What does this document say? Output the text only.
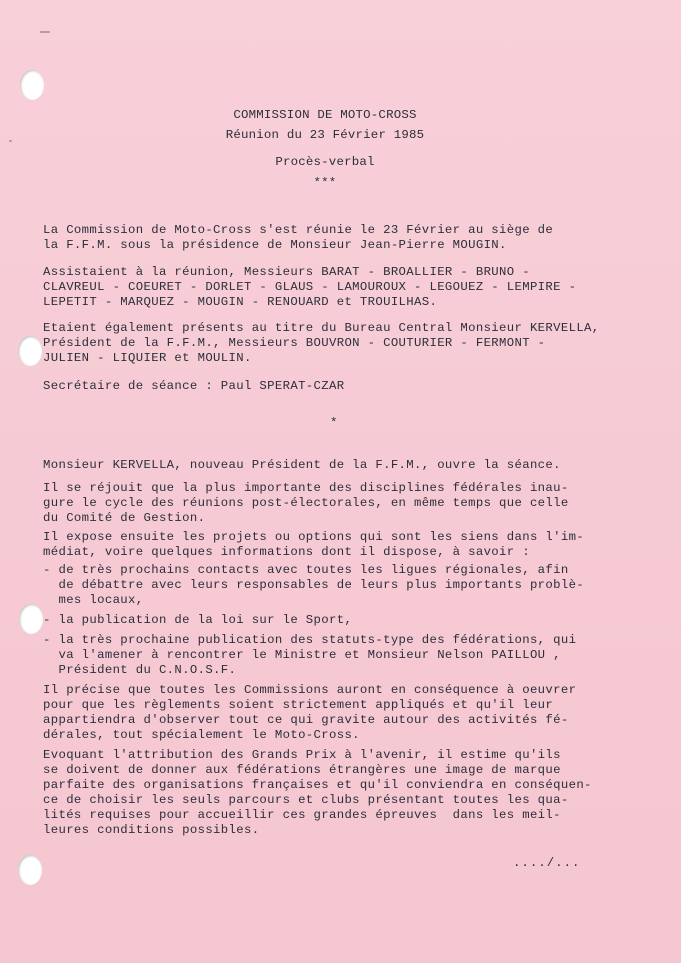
COMMISSION DE MOTO-CROSS
Réunion du 23 Février 1985
Procès-verbal
***
La Commission de Moto-Cross s'est réunie le 23 Février au siège de
la F.F.M. sous la présidence de Monsieur Jean-Pierre MOUGIN.
Assistaient à la réunion, Messieurs BARAT - BROALLIER - BRUNO -
CLAVREUL - COEURET - DORLET - GLAUS - LAMOUROUX - LEGOUEZ - LEMPIRE -
LEPETIT - MARQUEZ - MOUGIN - RENOUARD et TROUILHAS.
Etaient également présents au titre du Bureau Central Monsieur KERVELLA,
Président de la F.F.M., Messieurs BOUVRON - COUTURIER - FERMONT -
JULIEN - LIQUIER et MOULIN.
Secrétaire de séance : Paul SPERAT-CZAR
*
Monsieur KERVELLA, nouveau Président de la F.F.M., ouvre la séance.
Il se réjouit que la plus importante des disciplines fédérales inau-
gure le cycle des réunions post-électorales, en même temps que celle
du Comité de Gestion.
Il expose ensuite les projets ou options qui sont les siens dans l'im-
médiat, voire quelques informations dont il dispose, à savoir :
- de très prochains contacts avec toutes les ligues régionales, afin
de débattre avec leurs responsables de leurs plus importants problè-
mes locaux,
- la publication de la loi sur le Sport,
- la très prochaine publication des statuts-type des fédérations, qui
va l'amener à rencontrer le Ministre et Monsieur Nelson PAILLOU ,
Président du C.N.O.S.F.
Il précise que toutes les Commissions auront en conséquence à oeuvrer
pour que les règlements soient strictement appliqués et qu'il leur
appartiendra d'observer tout ce qui gravite autour des activités fé-
dérales, tout spécialement le Moto-Cross.
Evoquant l'attribution des Grands Prix à l'avenir, il estime qu'ils
se doivent de donner aux fédérations étrangères une image de marque
parfaite des organisations françaises et qu'il conviendra en conséquen-
ce de choisir les seuls parcours et clubs présentant toutes les qua-
lités requises pour accueillir ces grandes épreuves  dans les meil-
leures conditions possibles.
..../...
